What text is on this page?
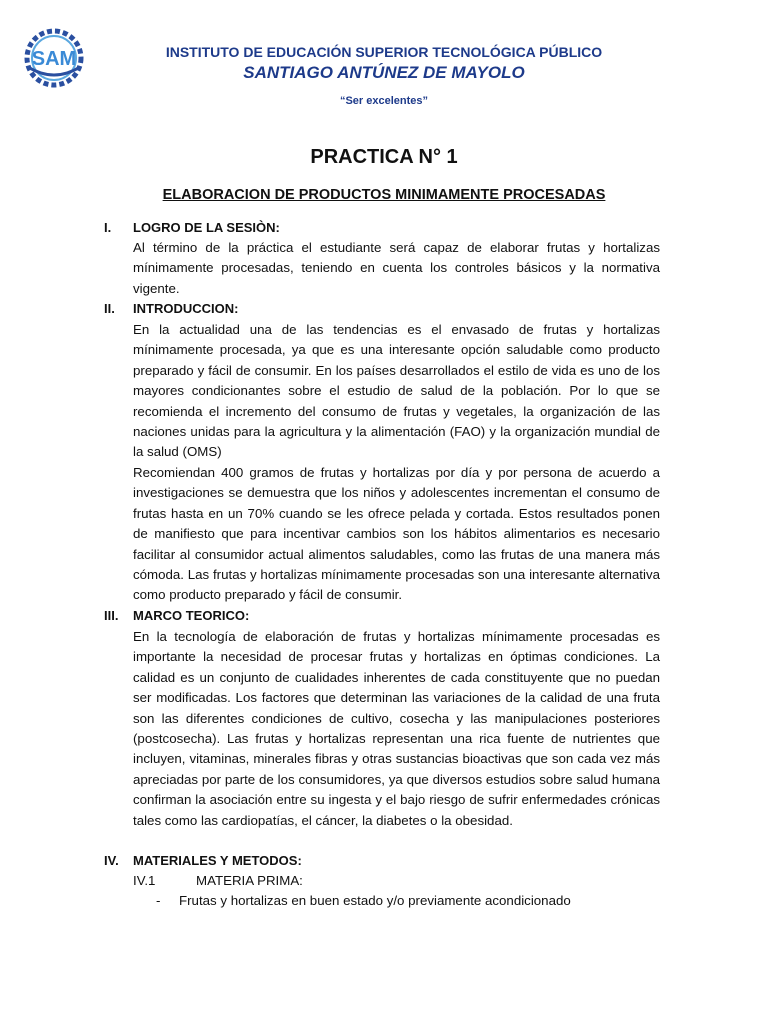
SAM	INSTITUTO DE EDUCACIÓN SUPERIOR TECNOLÓGICA PÚBLICO
SANTIAGO ANTÚNEZ DE MAYOLO
“Ser excelentes”
PRACTICA N° 1
ELABORACION DE PRODUCTOS MINIMAMENTE PROCESADAS
I. LOGRO DE LA SESIÒN:
Al término de la práctica el estudiante será capaz de elaborar frutas y hortalizas mínimamente procesadas, teniendo en cuenta los controles básicos y la normativa vigente.
II. INTRODUCCION:
En la actualidad una de las tendencias es el envasado de frutas y hortalizas mínimamente procesada, ya que es una interesante opción saludable como producto preparado y fácil de consumir. En los países desarrollados el estilo de vida es uno de los mayores condicionantes sobre el estudio de salud de la población. Por lo que se recomienda el incremento del consumo de frutas y vegetales, la organización de las naciones unidas para la agricultura y la alimentación (FAO) y la organización mundial de la salud (OMS)
Recomiendan 400 gramos de frutas y hortalizas por día y por persona de acuerdo a investigaciones se demuestra que los niños y adolescentes incrementan el consumo de frutas hasta en un 70% cuando se les ofrece pelada y cortada. Estos resultados ponen de manifiesto que para incentivar cambios son los hábitos alimentarios es necesario facilitar al consumidor actual alimentos saludables, como las frutas de una manera más cómoda. Las frutas y hortalizas mínimamente procesadas son una interesante alternativa como producto preparado y fácil de consumir.
III. MARCO TEORICO:
En la tecnología de elaboración de frutas y hortalizas mínimamente procesadas es importante la necesidad de procesar frutas y hortalizas en óptimas condiciones. La calidad es un conjunto de cualidades inherentes de cada constituyente que no puedan ser modificadas. Los factores que determinan las variaciones de la calidad de una fruta son las diferentes condiciones de cultivo, cosecha y las manipulaciones posteriores (postcosecha). Las frutas y hortalizas representan una rica fuente de nutrientes que incluyen, vitaminas, minerales fibras y otras sustancias bioactivas que son cada vez más apreciadas por parte de los consumidores, ya que diversos estudios sobre salud humana confirman la asociación entre su ingesta y el bajo riesgo de sufrir enfermedades crónicas tales como las cardiopatías, el cáncer, la diabetes o la obesidad.
IV. MATERIALES Y METODOS:
IV.1	MATERIA PRIMA:
- Frutas y hortalizas en buen estado y/o previamente acondicionado
